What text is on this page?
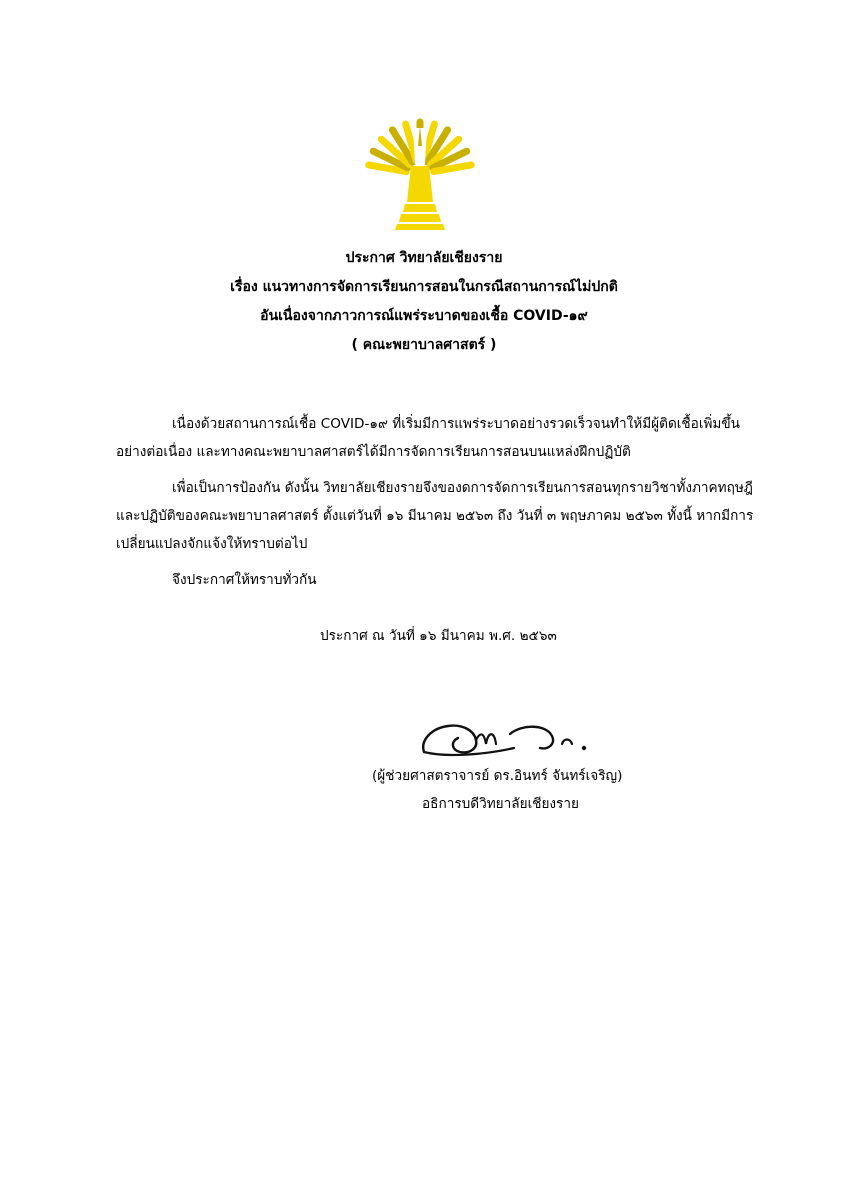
ประกาศ วิทยาลัยเชียงราย
เรื่อง แนวทางการจัดการเรียนการสอนในกรณีสถานการณ์ไม่ปกติ
อันเนื่องจากภาวการณ์แพร่ระบาดของเชื้อ COVID-๑๙
( คณะพยาบาลศาสตร์ )

เนื่องด้วยสถานการณ์เชื้อ COVID-๑๙ ที่เริ่มมีการแพร่ระบาดอย่างรวดเร็วจนทำให้มีผู้ติดเชื้อเพิ่มขึ้นอย่างต่อเนื่อง และทางคณะพยาบาลศาสตร์ได้มีการจัดการเรียนการสอนบนแหล่งฝึกปฏิบัติ

เพื่อเป็นการป้องกัน ดังนั้น วิทยาลัยเชียงรายจึงของดการจัดการเรียนการสอนทุกรายวิชาทั้งภาคทฤษฎีและปฏิบัติของคณะพยาบาลศาสตร์ ตั้งแต่วันที่ ๑๖ มีนาคม ๒๕๖๓ ถึง วันที่ ๓ พฤษภาคม ๒๕๖๓ ทั้งนี้ หากมีการเปลี่ยนแปลงจักแจ้งให้ทราบต่อไป

จึงประกาศให้ทราบทั่วกัน

ประกาศ ณ วันที่ ๑๖ มีนาคม พ.ศ. ๒๕๖๓
(ผู้ช่วยศาสตราจารย์ ดร.อินทร์ จันทร์เจริญ)
อธิการบดีวิทยาลัยเชียงราย
